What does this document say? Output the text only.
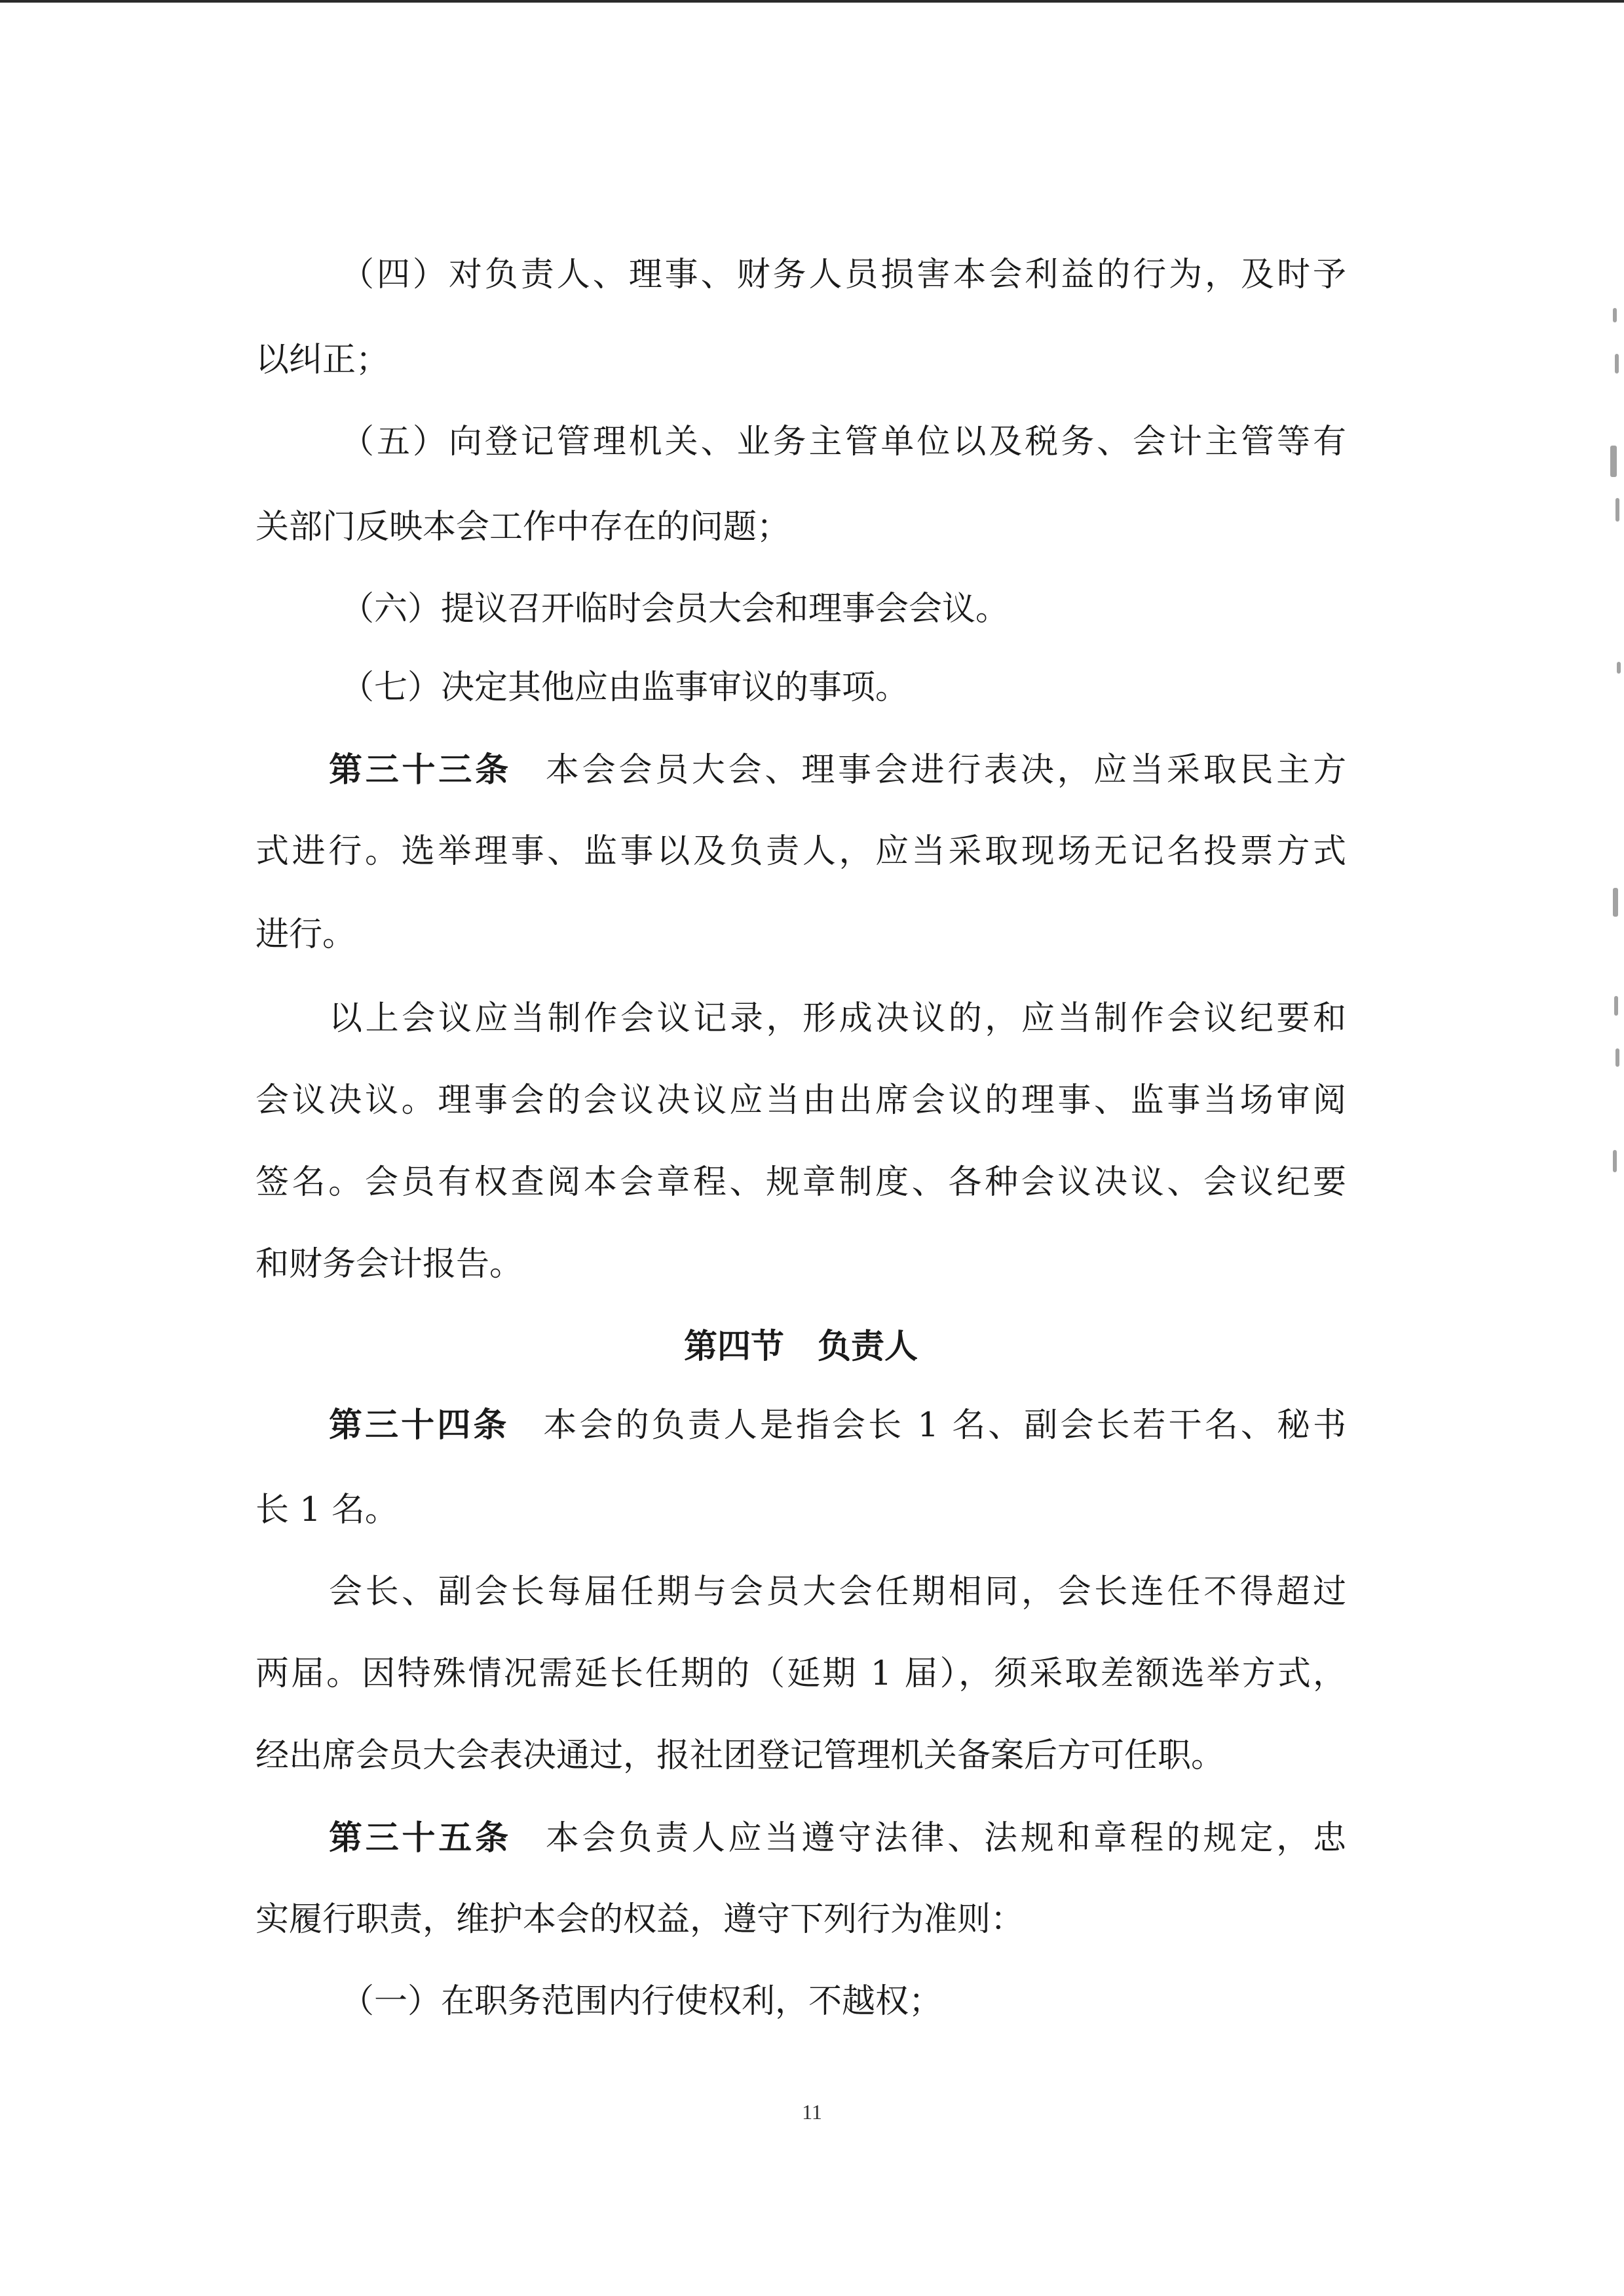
（四）对负责人、理事、财务人员损害本会利益的行为，及时予
以纠正；
（五）向登记管理机关、业务主管单位以及税务、会计主管等有
关部门反映本会工作中存在的问题；
（六）提议召开临时会员大会和理事会会议。
（七）决定其他应由监事审议的事项。
第三十三条 本会会员大会、理事会进行表决，应当采取民主方
式进行。选举理事、监事以及负责人，应当采取现场无记名投票方式
进行。
以上会议应当制作会议记录，形成决议的，应当制作会议纪要和
会议决议。理事会的会议决议应当由出席会议的理事、监事当场审阅
签名。会员有权查阅本会章程、规章制度、各种会议决议、会议纪要
和财务会计报告。
第四节　负责人
第三十四条 本会的负责人是指会长 1 名、副会长若干名、秘书
长 1 名。
会长、副会长每届任期与会员大会任期相同，会长连任不得超过
两届。因特殊情况需延长任期的（延期 1 届），须采取差额选举方式，
经出席会员大会表决通过，报社团登记管理机关备案后方可任职。
第三十五条 本会负责人应当遵守法律、法规和章程的规定，忠
实履行职责，维护本会的权益，遵守下列行为准则：
（一）在职务范围内行使权利，不越权；
11
